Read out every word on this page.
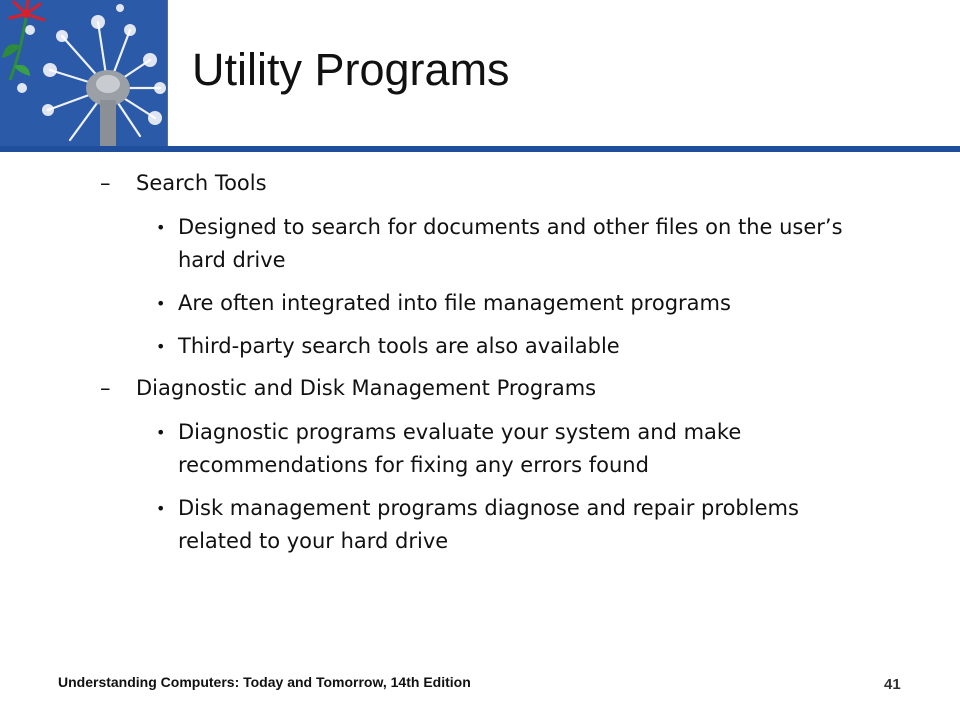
Utility Programs
–	Search Tools
• Designed to search for documents and other files on the user’s hard drive
• Are often integrated into file management programs
• Third-party search tools are also available
–	Diagnostic and Disk Management Programs
• Diagnostic programs evaluate your system and make recommendations for fixing any errors found
• Disk management programs diagnose and repair problems related to your hard drive
Understanding Computers: Today and Tomorrow, 14th Edition	41
